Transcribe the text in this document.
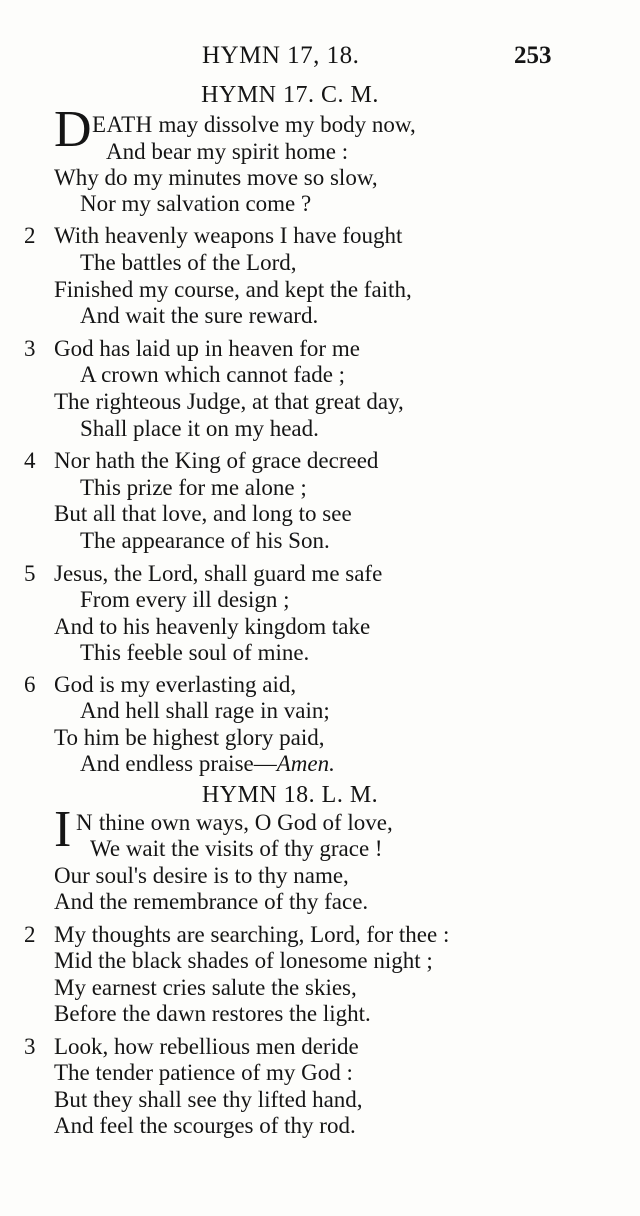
HYMN 17, 18.	253
HYMN 17. C. M.
D EATH may dissolve my body now,
And bear my spirit home :
Why do my minutes move so slow,
Nor my salvation come ?
2 With heavenly weapons I have fought
The battles of the Lord,
Finished my course, and kept the faith,
And wait the sure reward.
3 God has laid up in heaven for me
A crown which cannot fade ;
The righteous Judge, at that great day,
Shall place it on my head.
4 Nor hath the King of grace decreed
This prize for me alone ;
But all that love, and long to see
The appearance of his Son.
5 Jesus, the Lord, shall guard me safe
From every ill design ;
And to his heavenly kingdom take
This feeble soul of mine.
6 God is my everlasting aid,
And hell shall rage in vain;
To him be highest glory paid,
And endless praise—Amen.
HYMN 18. L. M.
I N thine own ways, O God of love,
We wait the visits of thy grace !
Our soul's desire is to thy name,
And the remembrance of thy face.
2 My thoughts are searching, Lord, for thee :
Mid the black shades of lonesome night ;
My earnest cries salute the skies,
Before the dawn restores the light.
3 Look, how rebellious men deride
The tender patience of my God :
But they shall see thy lifted hand,
And feel the scourges of thy rod.
